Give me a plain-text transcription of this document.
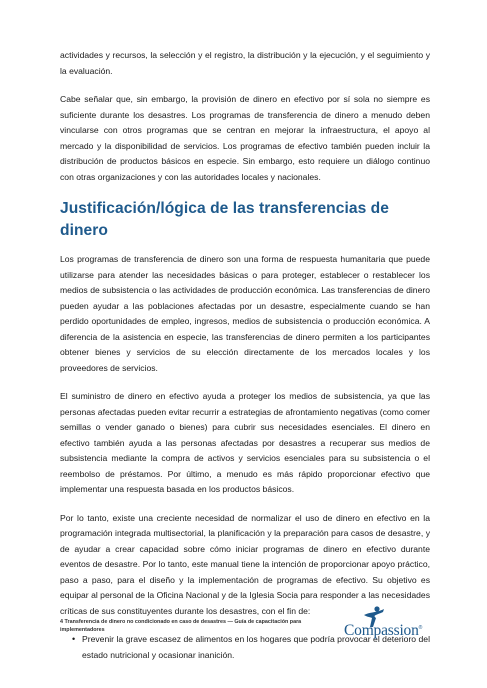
actividades y recursos, la selección y el registro, la distribución y la ejecución, y el seguimiento y la evaluación.

Cabe señalar que, sin embargo, la provisión de dinero en efectivo por sí sola no siempre es suficiente durante los desastres. Los programas de transferencia de dinero a menudo deben vincularse con otros programas que se centran en mejorar la infraestructura, el apoyo al mercado y la disponibilidad de servicios. Los programas de efectivo también pueden incluir la distribución de productos básicos en especie. Sin embargo, esto requiere un diálogo continuo con otras organizaciones y con las autoridades locales y nacionales.

Justificación/lógica de las transferencias de dinero

Los programas de transferencia de dinero son una forma de respuesta humanitaria que puede utilizarse para atender las necesidades básicas o para proteger, establecer o restablecer los medios de subsistencia o las actividades de producción económica. Las transferencias de dinero pueden ayudar a las poblaciones afectadas por un desastre, especialmente cuando se han perdido oportunidades de empleo, ingresos, medios de subsistencia o producción económica. A diferencia de la asistencia en especie, las transferencias de dinero permiten a los participantes obtener bienes y servicios de su elección directamente de los mercados locales y los proveedores de servicios.

El suministro de dinero en efectivo ayuda a proteger los medios de subsistencia, ya que las personas afectadas pueden evitar recurrir a estrategias de afrontamiento negativas (como comer semillas o vender ganado o bienes) para cubrir sus necesidades esenciales. El dinero en efectivo también ayuda a las personas afectadas por desastres a recuperar sus medios de subsistencia mediante la compra de activos y servicios esenciales para su subsistencia o el reembolso de préstamos. Por último, a menudo es más rápido proporcionar efectivo que implementar una respuesta basada en los productos básicos.

Por lo tanto, existe una creciente necesidad de normalizar el uso de dinero en efectivo en la programación integrada multisectorial, la planificación y la preparación para casos de desastre, y de ayudar a crear capacidad sobre cómo iniciar programas de dinero en efectivo durante eventos de desastre. Por lo tanto, este manual tiene la intención de proporcionar apoyo práctico, paso a paso, para el diseño y la implementación de programas de efectivo. Su objetivo es equipar al personal de la Oficina Nacional y de la Iglesia Socia para responder a las necesidades críticas de sus constituyentes durante los desastres, con el fin de:

• Prevenir la grave escasez de alimentos en los hogares que podría provocar el deterioro del estado nutricional y ocasionar inanición.

4 Transferencia de dinero no condicionado en caso de desastres — Guía de capacitación para implementadores	Compassion®
